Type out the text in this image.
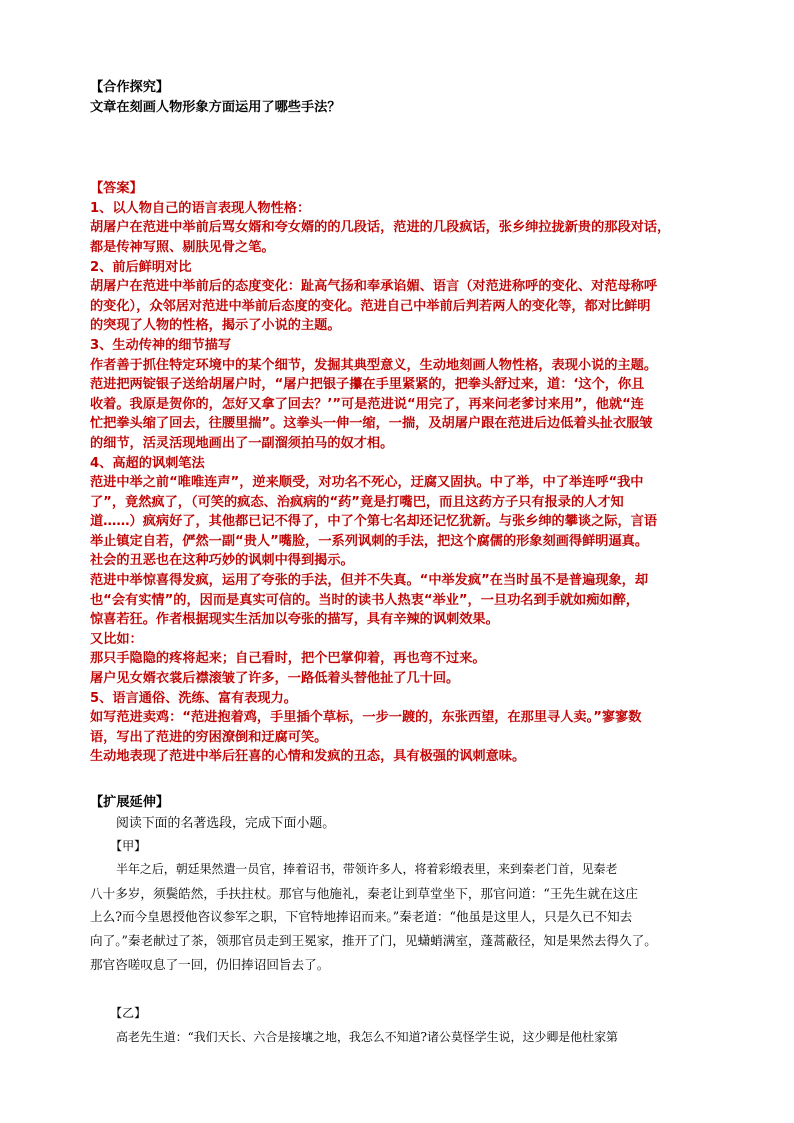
【合作探究】
文章在刻画人物形象方面运用了哪些手法？
【答案】
1、以人物自己的语言表现人物性格：
胡屠户在范进中举前后骂女婿和夸女婿的的几段话，范进的几段疯话，张乡绅拉拢新贵的那段对话，
都是传神写照、剔肤见骨之笔。
2、前后鲜明对比
胡屠户在范进中举前后的态度变化：趾高气扬和奉承谄媚、语言（对范进称呼的变化、对范母称呼
的变化），众邻居对范进中举前后态度的变化。范进自己中举前后判若两人的变化等，都对比鲜明
的突现了人物的性格，揭示了小说的主题。
3、生动传神的细节描写
作者善于抓住特定环境中的某个细节，发掘其典型意义，生动地刻画人物性格，表现小说的主题。
范进把两锭银子送给胡屠户时，“屠户把银子攥在手里紧紧的，把拳头舒过来，道：‘这个，你且
收着。我原是贺你的，怎好又拿了回去？’”可是范进说“用完了，再来问老爹讨来用”，他就“连
忙把拳头缩了回去，往腰里揣”。这拳头一伸一缩，一揣，及胡屠户跟在范进后边低着头扯衣服皱
的细节，活灵活现地画出了一副溜须拍马的奴才相。
4、高超的讽刺笔法
范进中举之前“唯唯连声”，逆来顺受，对功名不死心，迂腐又固执。中了举，中了举连呼“我中
了”，竟然疯了，（可笑的疯态、治疯病的“药”竟是打嘴巴，而且这药方子只有报录的人才知
道……）疯病好了，其他都已记不得了，中了个第七名却还记忆犹新。与张乡绅的攀谈之际，言语
举止镇定自若，俨然一副“贵人”嘴脸，一系列讽刺的手法，把这个腐儒的形象刻画得鲜明逼真。
社会的丑恶也在这种巧妙的讽刺中得到揭示。
范进中举惊喜得发疯，运用了夸张的手法，但并不失真。“中举发疯”在当时虽不是普遍现象，却
也“会有实情”的，因而是真实可信的。当时的读书人热衷“举业”，一旦功名到手就如痴如醉，
惊喜若狂。作者根据现实生活加以夸张的描写，具有辛辣的讽刺效果。
又比如：
那只手隐隐的疼将起来；自己看时，把个巴掌仰着，再也弯不过来。
屠户见女婿衣裳后襟滚皱了许多，一路低着头替他扯了几十回。
5、语言通俗、洗练、富有表现力。
如写范进卖鸡：“范进抱着鸡，手里插个草标，一步一踱的，东张西望，在那里寻人卖。”寥寥数
语，写出了范进的穷困潦倒和迂腐可笑。
生动地表现了范进中举后狂喜的心情和发疯的丑态，具有极强的讽刺意味。
【扩展延伸】
阅读下面的名著选段，完成下面小题。
【甲】
半年之后，朝廷果然遣一员官，捧着诏书，带领许多人，将着彩缎表里，来到秦老门首，见秦老
八十多岁，须鬓皓然，手扶拄杖。那官与他施礼，秦老让到草堂坐下，那官问道：“王先生就在这庄
上么?而今皇恩授他咨议参军之职，下官特地捧诏而来。”秦老道：“他虽是这里人，只是久已不知去
向了。”秦老献过了茶，领那官员走到王冕家，推开了门，见蟏蛸满室，蓬蒿蔽径，知是果然去得久了。
那官咨嗟叹息了一回，仍旧捧诏回旨去了。
【乙】
高老先生道：“我们天长、六合是接壤之地，我怎么不知道?诸公莫怪学生说，这少卿是他杜家第
